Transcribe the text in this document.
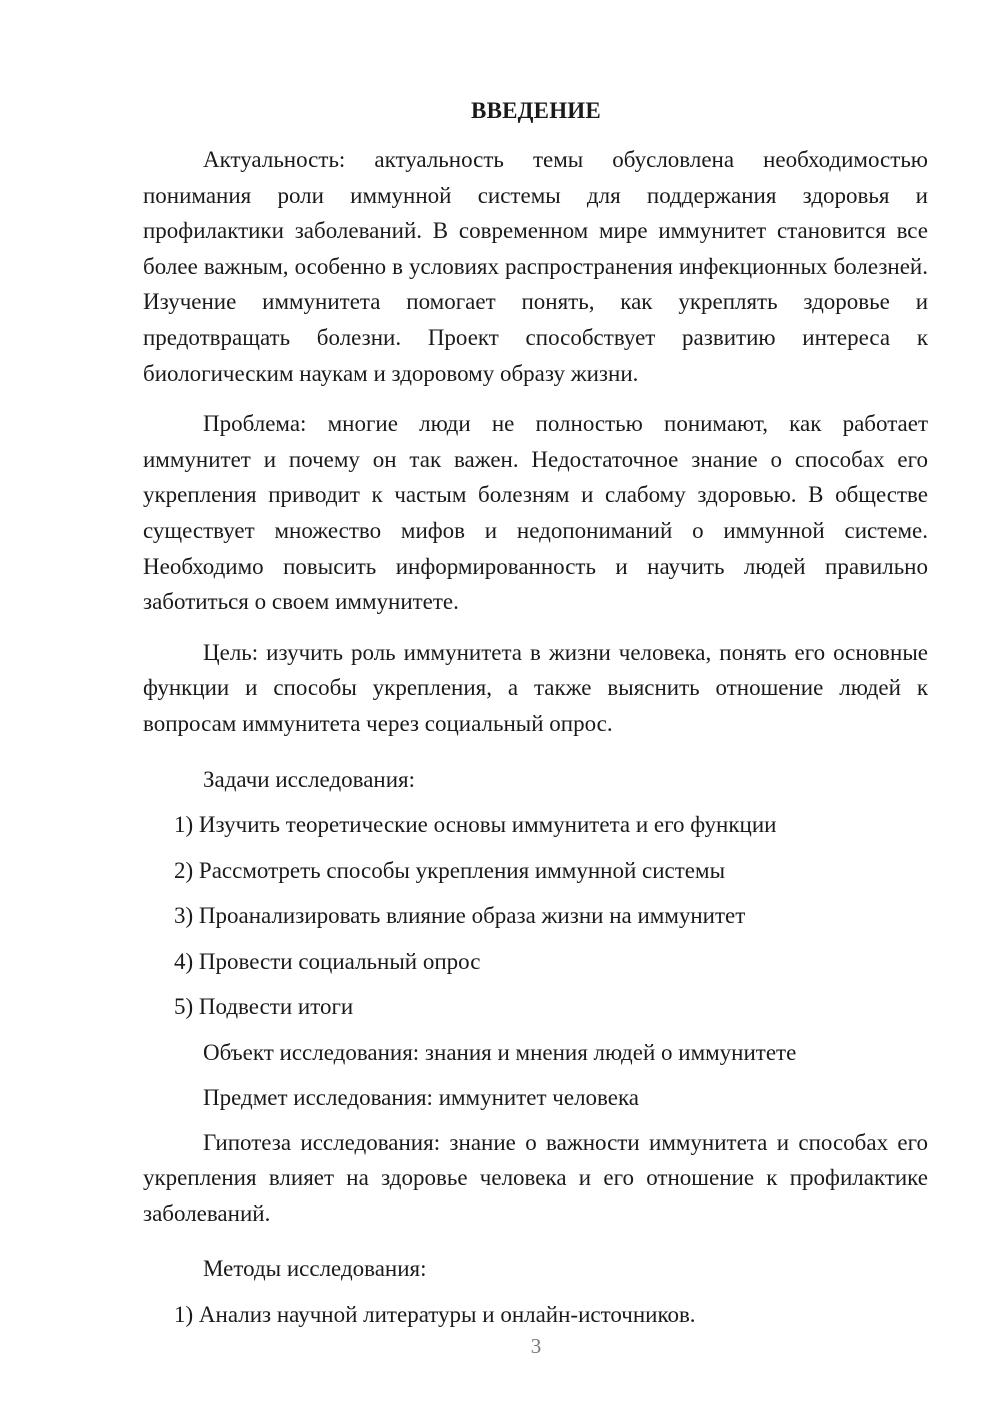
ВВЕДЕНИЕ

Актуальность: актуальность темы обусловлена необходимостью понимания роли иммунной системы для поддержания здоровья и профилактики заболеваний. В современном мире иммунитет становится все более важным, особенно в условиях распространения инфекционных болезней. Изучение иммунитета помогает понять, как укреплять здоровье и предотвращать болезни. Проект способствует развитию интереса к биологическим наукам и здоровому образу жизни.

Проблема: многие люди не полностью понимают, как работает иммунитет и почему он так важен. Недостаточное знание о способах его укрепления приводит к частым болезням и слабому здоровью. В обществе существует множество мифов и недопониманий о иммунной системе. Необходимо повысить информированность и научить людей правильно заботиться о своем иммунитете.

Цель: изучить роль иммунитета в жизни человека, понять его основные функции и способы укрепления, а также выяснить отношение людей к вопросам иммунитета через социальный опрос.

Задачи исследования:
1) Изучить теоретические основы иммунитета и его функции
2) Рассмотреть способы укрепления иммунной системы
3) Проанализировать влияние образа жизни на иммунитет
4) Провести социальный опрос
5) Подвести итоги
Объект исследования: знания и мнения людей о иммунитете
Предмет исследования: иммунитет человека

Гипотеза исследования: знание о важности иммунитета и способах его укрепления влияет на здоровье человека и его отношение к профилактике заболеваний.

Методы исследования:
1) Анализ научной литературы и онлайн-источников.
3
